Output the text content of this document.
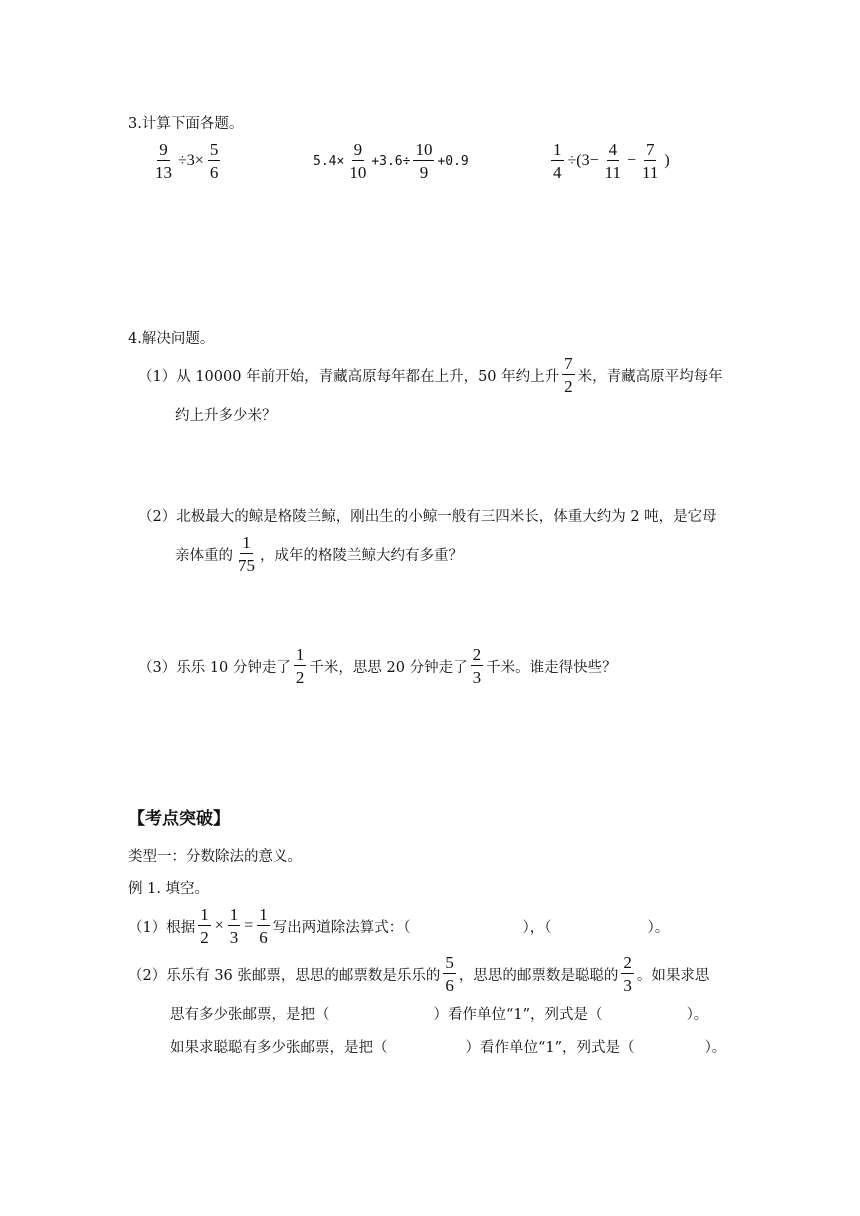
3.计算下面各题。
$\frac{9}{13} \div 3\times \frac{5}{6}$	$5.4\times \frac{9}{10} +3.6\div \frac{10}{9} +0.9$	$\frac{1}{4} \div(3- \frac{4}{11} - \frac{7}{11}$ )
4.解决问题。
（1）从 10000 年前开始，青藏高原每年都在上升，50 年约上升 $\frac{7}{2}$ 米，青藏高原平均每年
约上升多少米？
（2）北极最大的鲸是格陵兰鲸，刚出生的小鲸一般有三四米长，体重大约为 2 吨，是它母
亲体重的 $\frac{1}{75}$ ，成年的格陵兰鲸大约有多重？
（3）乐乐 10 分钟走了 $\frac{1}{2}$ 千米，思思 20 分钟走了 $\frac{2}{3}$ 千米。谁走得快些？
【考点突破】
类型一：分数除法的意义。
例 1. 填空。
（1）根据 $\frac{1}{2} \times \frac{1}{3} = \frac{1}{6}$ 写出两道除法算式：（	），（	）。
（2）乐乐有 36 张邮票，思思的邮票数是乐乐的 $\frac{5}{6}$ ，思思的邮票数是聪聪的 $\frac{2}{3}$ 。如果求思
思有多少张邮票，是把（	）看作单位“1”，列式是（	）。
如果求聪聪有多少张邮票，是把（	）看作单位“1”，列式是（	）。
